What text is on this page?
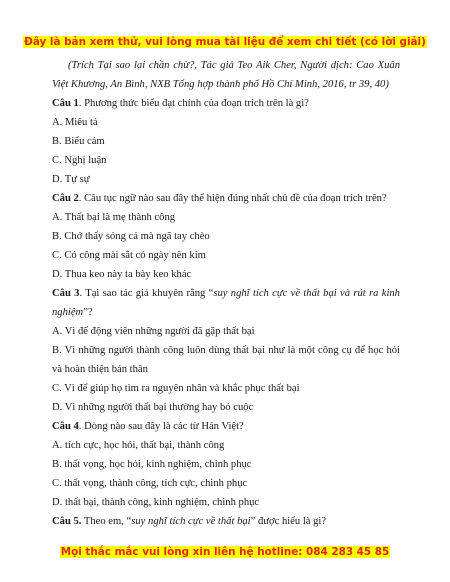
Đây là bản xem thử, vui lòng mua tài liệu để xem chi tiết (có lời giải)

(Trích Tại sao lại chần chừ?, Tác giả Teo Aik Cher, Người dịch: Cao Xuân Việt Khương, An Bình, NXB Tổng hợp thành phố Hồ Chí Minh, 2016, tr 39, 40)

Câu 1. Phương thức biểu đạt chính của đoạn trích trên là gì?

A. Miêu tả

B. Biểu cảm

C. Nghị luận

D. Tự sự

Câu 2. Câu tục ngữ nào sau đây thể hiện đúng nhất chủ đề của đoạn trích trên?

A. Thất bại là mẹ thành công

B. Chớ thấy sóng cả mà ngã tay chèo

C. Có công mài sắt có ngày nên kim

D. Thua keo này ta bày keo khác

Câu 3. Tại sao tác giả khuyên rằng “suy nghĩ tích cực về thất bại và rút ra kinh nghiệm”?

A. Vì để động viên những người đã gặp thất bại

B. Vì những người thành công luôn dùng thất bại như là một công cụ để học hỏi và hoàn thiện bản thân

C. Vì để giúp họ tìm ra nguyên nhân và khắc phục thất bại

D. Vì những người thất bại thường hay bỏ cuộc

Câu 4. Dòng nào sau đây là các từ Hán Việt?

A. tích cực, học hỏi, thất bại, thành công

B. thất vọng, học hỏi, kinh nghiệm, chinh phục

C. thất vọng, thành công, tích cực, chinh phục

D. thất bại, thành công, kinh nghiệm, chinh phục

Câu 5. Theo em, “suy nghĩ tích cực về thất bại” được hiểu là gì?

Mọi thắc mắc vui lòng xin liên hệ hotline: 084 283 45 85
